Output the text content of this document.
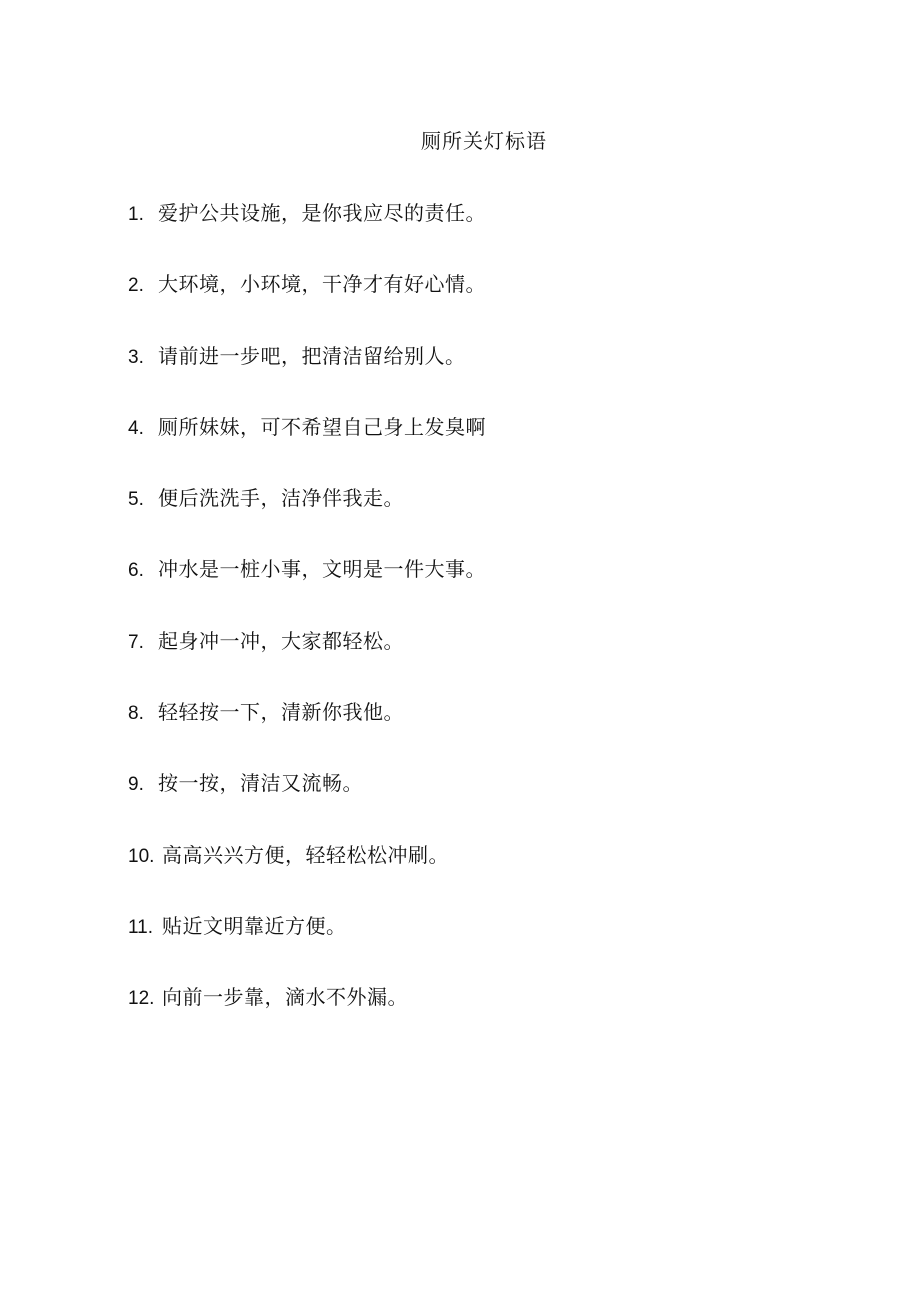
厕所关灯标语
1. 爱护公共设施，是你我应尽的责任。
2. 大环境，小环境，干净才有好心情。
3. 请前进一步吧，把清洁留给别人。
4. 厕所妹妹，可不希望自己身上发臭啊
5. 便后洗洗手，洁净伴我走。
6. 冲水是一桩小事，文明是一件大事。
7. 起身冲一冲，大家都轻松。
8. 轻轻按一下，清新你我他。
9. 按一按，清洁又流畅。
10. 高高兴兴方便，轻轻松松冲刷。
11. 贴近文明靠近方便。
12. 向前一步靠，滴水不外漏。
